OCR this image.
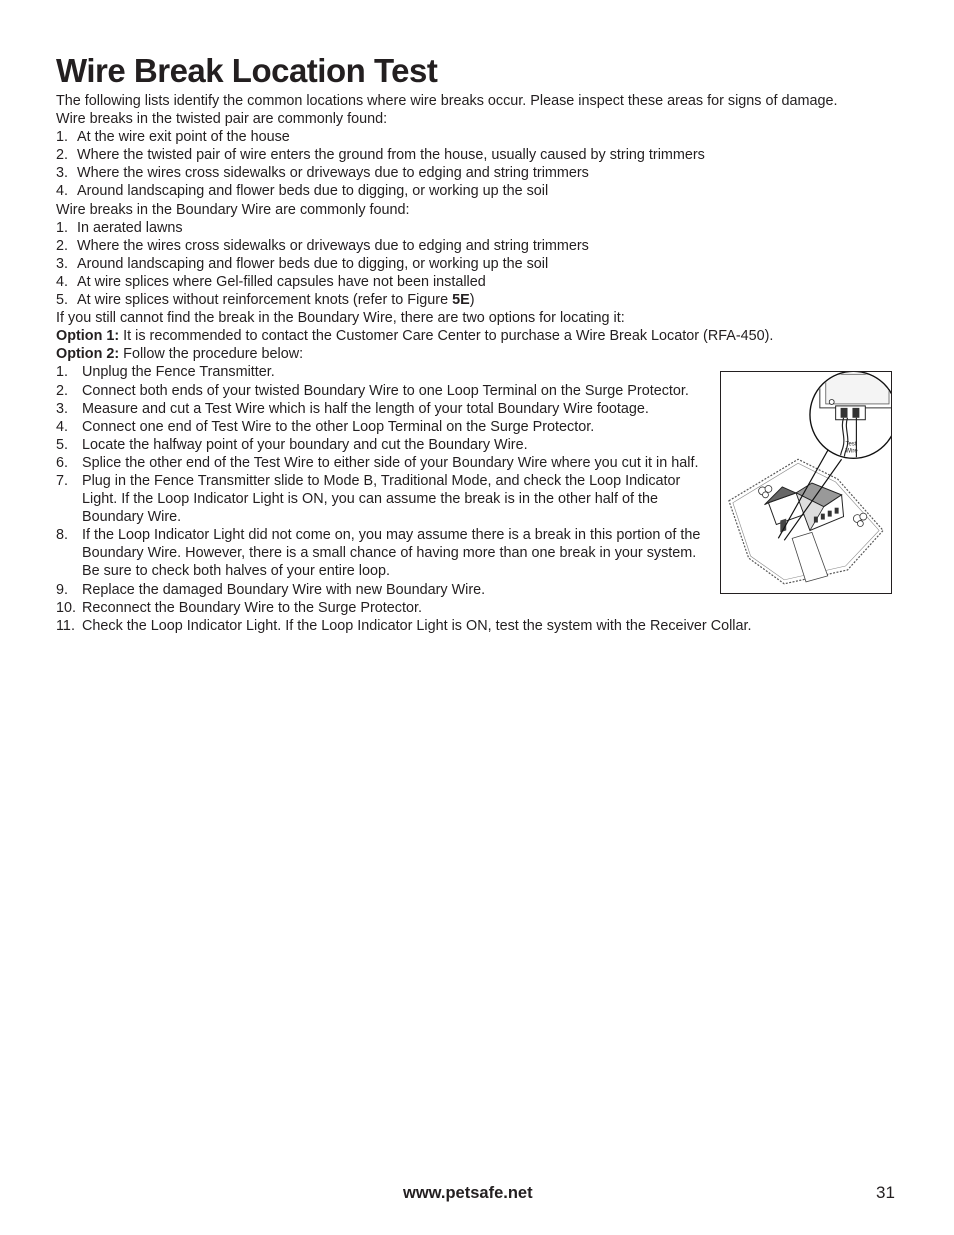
Wire Break Location Test
The following lists identify the common locations where wire breaks occur. Please inspect these areas for signs of damage.
Wire breaks in the twisted pair are commonly found:
1. At the wire exit point of the house
2. Where the twisted pair of wire enters the ground from the house, usually caused by string trimmers
3. Where the wires cross sidewalks or driveways due to edging and string trimmers
4. Around landscaping and flower beds due to digging, or working up the soil
Wire breaks in the Boundary Wire are commonly found:
1. In aerated lawns
2. Where the wires cross sidewalks or driveways due to edging and string trimmers
3. Around landscaping and flower beds due to digging, or working up the soil
4. At wire splices where Gel-filled capsules have not been installed
5. At wire splices without reinforcement knots (refer to Figure 5E)
If you still cannot find the break in the Boundary Wire, there are two options for locating it:
Option 1: It is recommended to contact the Customer Care Center to purchase a Wire Break Locator (RFA-450).
Option 2: Follow the procedure below:
1. Unplug the Fence Transmitter.
2. Connect both ends of your twisted Boundary Wire to one Loop Terminal on the Surge Protector.
3. Measure and cut a Test Wire which is half the length of your total Boundary Wire footage.
4. Connect one end of Test Wire to the other Loop Terminal on the Surge Protector.
5. Locate the halfway point of your boundary and cut the Boundary Wire.
6. Splice the other end of the Test Wire to either side of your Boundary Wire where you cut it in half.
7. Plug in the Fence Transmitter slide to Mode B, Traditional Mode, and check the Loop Indicator Light. If the Loop Indicator Light is ON, you can assume the break is in the other half of the Boundary Wire.
8. If the Loop Indicator Light did not come on, you may assume there is a break in this portion of the Boundary Wire. However, there is a small chance of having more than one break in your system. Be sure to check both halves of your entire loop.
9. Replace the damaged Boundary Wire with new Boundary Wire.
10. Reconnect the Boundary Wire to the Surge Protector.
11. Check the Loop Indicator Light. If the Loop Indicator Light is ON, test the system with the Receiver Collar.
Test
Wire
www.petsafe.net	31
